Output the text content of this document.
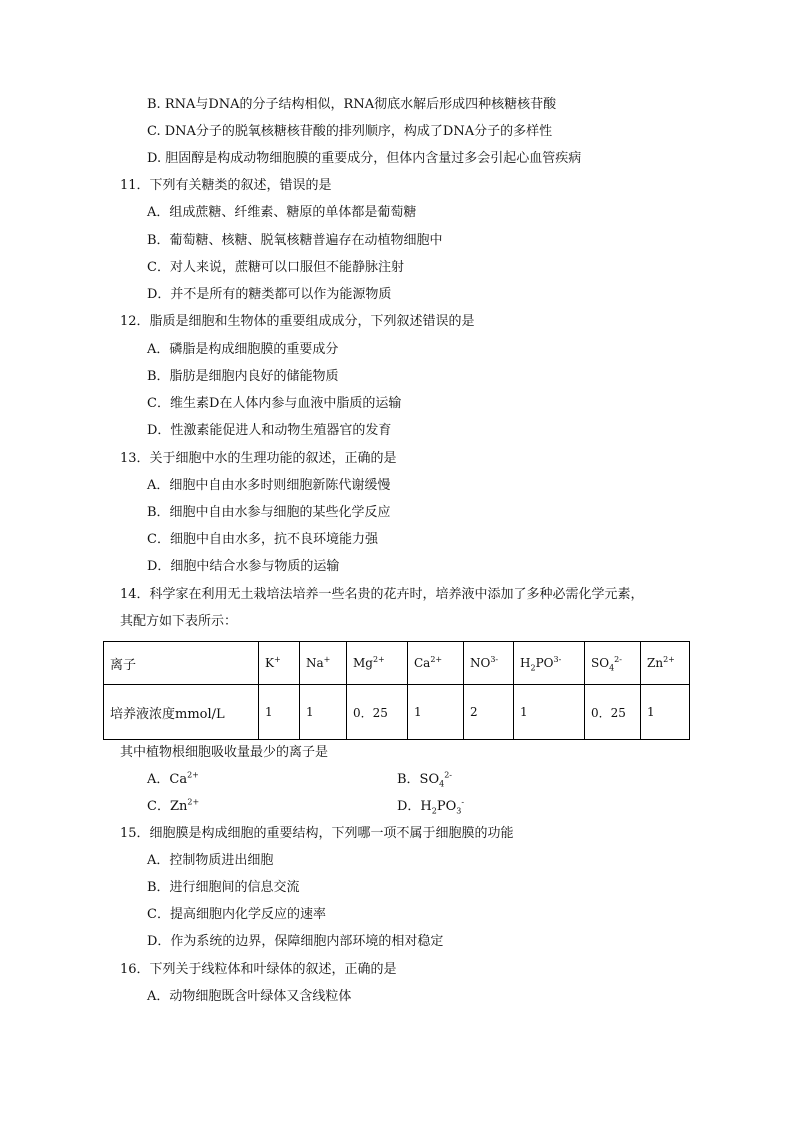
B. RNA与DNA的分子结构相似，RNA彻底水解后形成四种核糖核苷酸
C. DNA分子的脱氧核糖核苷酸的排列顺序，构成了DNA分子的多样性
D. 胆固醇是构成动物细胞膜的重要成分，但体内含量过多会引起心血管疾病
11．下列有关糖类的叙述，错误的是
A．组成蔗糖、纤维素、糖原的单体都是葡萄糖
B．葡萄糖、核糖、脱氧核糖普遍存在动植物细胞中
C．对人来说，蔗糖可以口服但不能静脉注射
D．并不是所有的糖类都可以作为能源物质
12．脂质是细胞和生物体的重要组成成分，下列叙述错误的是
A．磷脂是构成细胞膜的重要成分
B．脂肪是细胞内良好的储能物质
C．维生素D在人体内参与血液中脂质的运输
D．性激素能促进人和动物生殖器官的发育
13．关于细胞中水的生理功能的叙述，正确的是
A．细胞中自由水多时则细胞新陈代谢缓慢
B．细胞中自由水参与细胞的某些化学反应
C．细胞中自由水多，抗不良环境能力强
D．细胞中结合水参与物质的运输
14．科学家在利用无土栽培法培养一些名贵的花卉时，培养液中添加了多种必需化学元素，
其配方如下表所示：
离子	K+	Na+	$Mg^{2+}$	$Ca^{2+}$	$NO^{3-}$	$H_2PO^{3-}$	$SO_4^{2-}$	$Zn^{2+}$
培养液浓度mmol/L	1	1	0．25	1	2	1	0．25	1
其中植物根细胞吸收量最少的离子是
A．$Ca^{2+}$	B．$SO_4^{2-}$
C．$Zn^{2+}$	D．$H_2PO_3^-$
15．细胞膜是构成细胞的重要结构，下列哪一项不属于细胞膜的功能
A．控制物质进出细胞
B．进行细胞间的信息交流
C．提高细胞内化学反应的速率
D．作为系统的边界，保障细胞内部环境的相对稳定
16．下列关于线粒体和叶绿体的叙述，正确的是
A．动物细胞既含叶绿体又含线粒体
